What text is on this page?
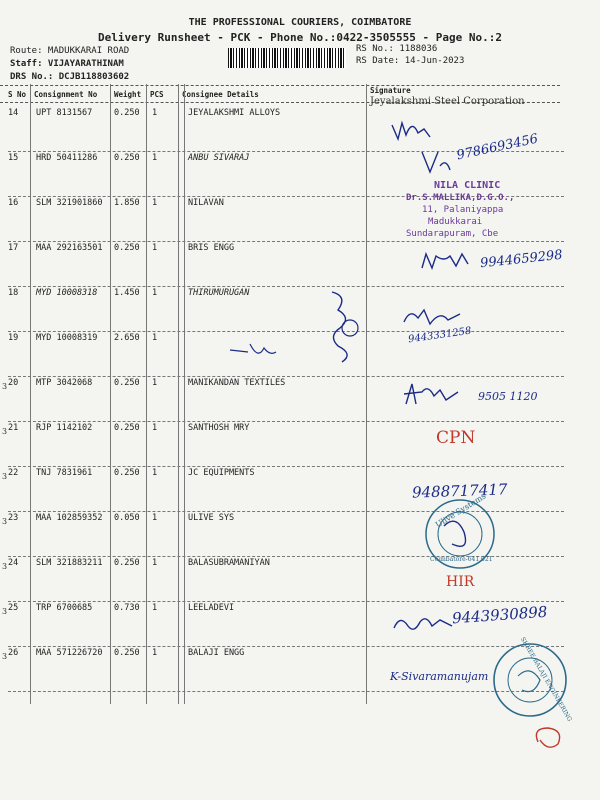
THE PROFESSIONAL COURIERS, COIMBATORE
Delivery Runsheet - PCK - Phone No.:0422-3505555 - Page No.:2
Route: MADUKKARAI ROAD
Staff: VIJAYARATHINAM
DRS No.: DCJB118803602
RS No.: 1188036
RS Date: 14-Jun-2023
S No Consignment No Weight PCS Consignee Details	Signature
14 UPT 8131567	0.250 1	JEYALAKSHMI ALLOYS
15 HRD 50411286 0.250 1	ANBU SIVARAJ
16 SLM 321901860 1.850 1	NILAVAN
17 MAA 292163501 0.250 1	BRIS ENGG
18 MYD 10008318 1.450 1	THIRUMURUGAN
19 MYD 10008319 2.650 1
20 MTP 3042068	0.250 1	MANIKANDAN TEXTILES
21 RJP 1142102	0.250 1	SANTHOSH MRY
22 TNJ 7831961	0.250 1	JC EQUIPMENTS
23 MAA 102859352 0.050 1	ULIVE SYS
24 SLM 321883211 0.250 1	BALASUBRAMANIYAN
25 TRP 6700685	0.730 1	LEELADEVI
26 MAA 571226720 0.250 1	BALAJI ENGG
3
3
3
3
3
3
3
Jeyalakshmi Steel Corporation
9786693456
NILA CLINIC
Dr.S.MALLIKA,D.G.O.,
11, Palaniyappa
Madukkarai
Sundarapuram, Cbe
9944659298
9443331258
9505 1120
CPN
9488717417
Ulive Systems
Coimbatore-641 021
HIR
9443930898
K-Sivaramanujam	SHREE BALAJI ENGINEERING
